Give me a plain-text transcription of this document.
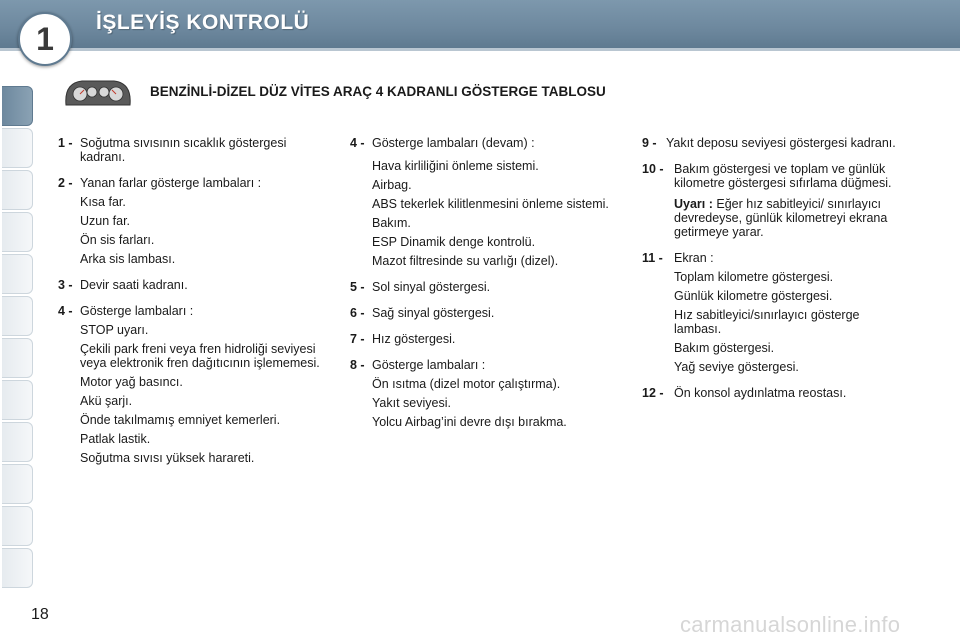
1 İŞLEYİŞ KONTROLÜ
BENZİNLİ-DİZEL DÜZ VİTES ARAÇ 4 KADRANLI GÖSTERGE TABLOSU
1 - Soğutma sıvısının sıcaklık göstergesi kadranı.
2 - Yanan farlar gösterge lambaları :
Kısa far.
Uzun far.
Ön sis farları.
Arka sis lambası.
3 - Devir saati kadranı.
4 - Gösterge lambaları :
STOP uyarı.
Çekili park freni veya fren hidroliği seviyesi veya elektronik fren dağıtıcının işlememesi.
Motor yağ basıncı.
Akü şarjı.
Önde takılmamış emniyet kemerleri.
Patlak lastik.
Soğutma sıvısı yüksek harareti.
4 - Gösterge lambaları (devam) :
Hava kirliliğini önleme sistemi.
Airbag.
ABS tekerlek kilitlenmesini önleme sistemi.
Bakım.
ESP Dinamik denge kontrolü.
Mazot filtresinde su varlığı (dizel).
5 - Sol sinyal göstergesi.
6 - Sağ sinyal göstergesi.
7 - Hız göstergesi.
8 - Gösterge lambaları :
Ön ısıtma (dizel motor çalıştırma).
Yakıt seviyesi.
Yolcu Airbag’ini devre dışı bırakma.
9 - Yakıt deposu seviyesi göstergesi kadranı.
10 - Bakım göstergesi ve toplam ve günlük kilometre göstergesi sıfırlama düğmesi.
Uyarı : Eğer hız sabitleyici/ sınırlayıcı devredeyse, günlük kilometreyi ekrana getirmeye yarar.
11 - Ekran :
Toplam kilometre göstergesi.
Günlük kilometre göstergesi.
Hız sabitleyici/sınırlayıcı gösterge lambası.
Bakım göstergesi.
Yağ seviye göstergesi.
12 - Ön konsol aydınlatma reostası.
18	carmanualsonline.info
